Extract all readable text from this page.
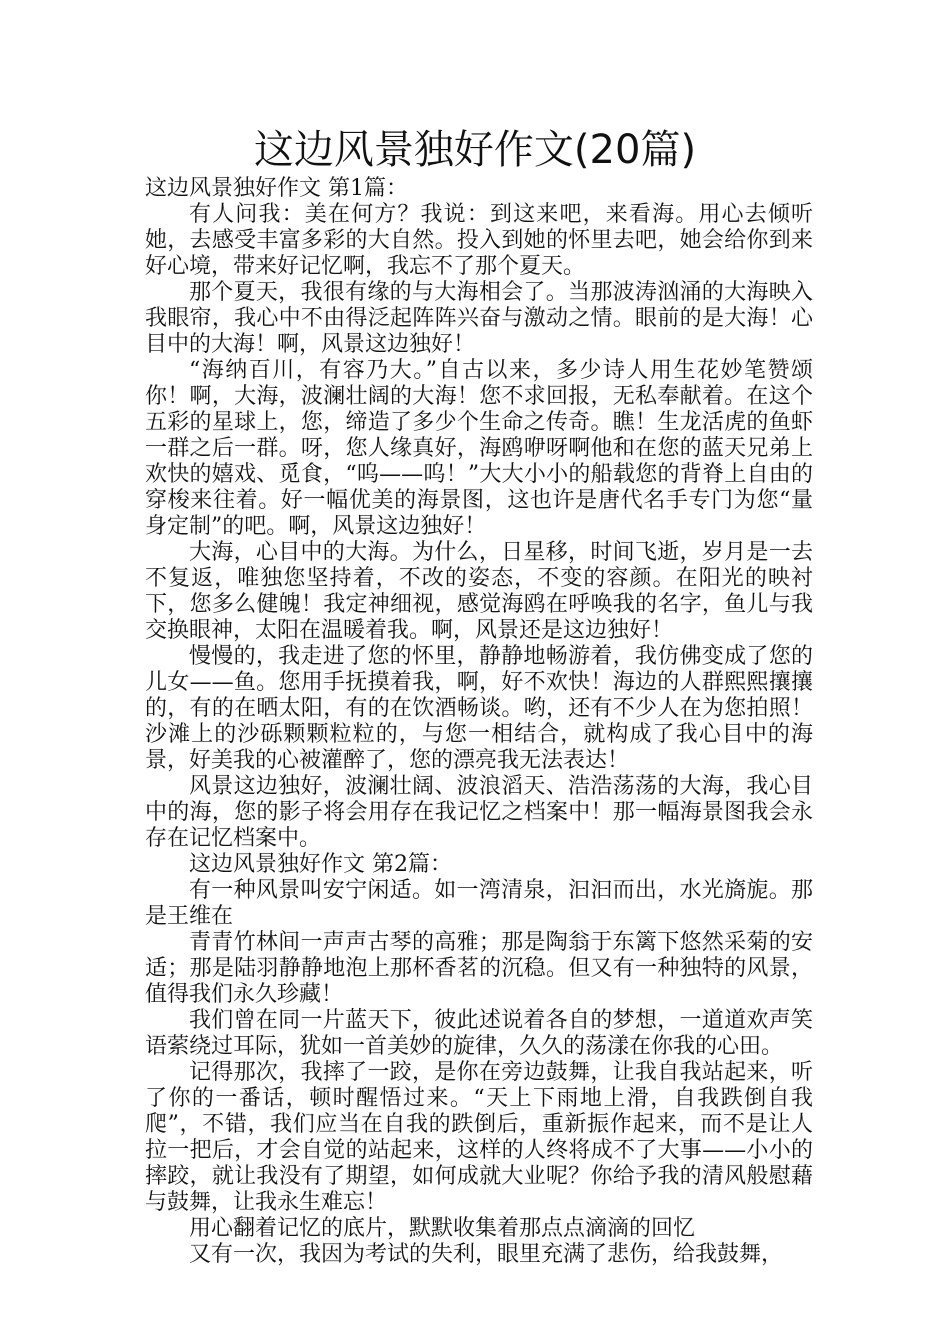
这边风景独好作文(20篇)

这边风景独好作文 第1篇：

有人问我：美在何方？我说：到这来吧，来看海。用心去倾听她，去感受丰富多彩的大自然。投入到她的怀里去吧，她会给你到来好心境，带来好记忆啊，我忘不了那个夏天。

那个夏天，我很有缘的与大海相会了。当那波涛汹涌的大海映入我眼帘，我心中不由得泛起阵阵兴奋与激动之情。眼前的是大海！心目中的大海！啊，风景这边独好！

“海纳百川，有容乃大。”自古以来，多少诗人用生花妙笔赞颂你！啊，大海，波澜壮阔的大海！您不求回报，无私奉献着。在这个五彩的星球上，您，缔造了多少个生命之传奇。瞧！生龙活虎的鱼虾一群之后一群。呀，您人缘真好，海鸥咿呀啊他和在您的蓝天兄弟上欢快的嬉戏、觅食，“呜——呜！”大大小小的船载您的背脊上自由的穿梭来往着。好一幅优美的海景图，这也许是唐代名手专门为您“量身定制”的吧。啊，风景这边独好！

大海，心目中的大海。为什么，日星移，时间飞逝，岁月是一去不复返，唯独您坚持着，不改的姿态，不变的容颜。在阳光的映衬下，您多么健魄！我定神细视，感觉海鸥在呼唤我的名字，鱼儿与我交换眼神，太阳在温暖着我。啊，风景还是这边独好！

慢慢的，我走进了您的怀里，静静地畅游着，我仿佛变成了您的儿女——鱼。您用手抚摸着我，啊，好不欢快！海边的人群熙熙攘攘的，有的在晒太阳，有的在饮酒畅谈。哟，还有不少人在为您拍照！沙滩上的沙砾颗颗粒粒的，与您一相结合，就构成了我心目中的海景，好美我的心被灌醉了，您的漂亮我无法表达！

风景这边独好，波澜壮阔、波浪滔天、浩浩荡荡的大海，我心目中的海，您的影子将会用存在我记忆之档案中！那一幅海景图我会永存在记忆档案中。

这边风景独好作文 第2篇：

有一种风景叫安宁闲适。如一湾清泉，汩汩而出，水光旖旎。那是王维在

青青竹林间一声声古琴的高雅；那是陶翁于东篱下悠然采菊的安适；那是陆羽静静地泡上那杯香茗的沉稳。但又有一种独特的风景，值得我们永久珍藏！

我们曾在同一片蓝天下，彼此述说着各自的梦想，一道道欢声笑语萦绕过耳际，犹如一首美妙的旋律，久久的荡漾在你我的心田。

记得那次，我摔了一跤，是你在旁边鼓舞，让我自我站起来，听了你的一番话，顿时醒悟过来。“天上下雨地上滑，自我跌倒自我爬”，不错，我们应当在自我的跌倒后，重新振作起来，而不是让人拉一把后，才会自觉的站起来，这样的人终将成不了大事——小小的摔跤，就让我没有了期望，如何成就大业呢？你给予我的清风般慰藉与鼓舞，让我永生难忘！

用心翻着记忆的底片，默默收集着那点点滴滴的回忆

又有一次，我因为考试的失利，眼里充满了悲伤，给我鼓舞，
